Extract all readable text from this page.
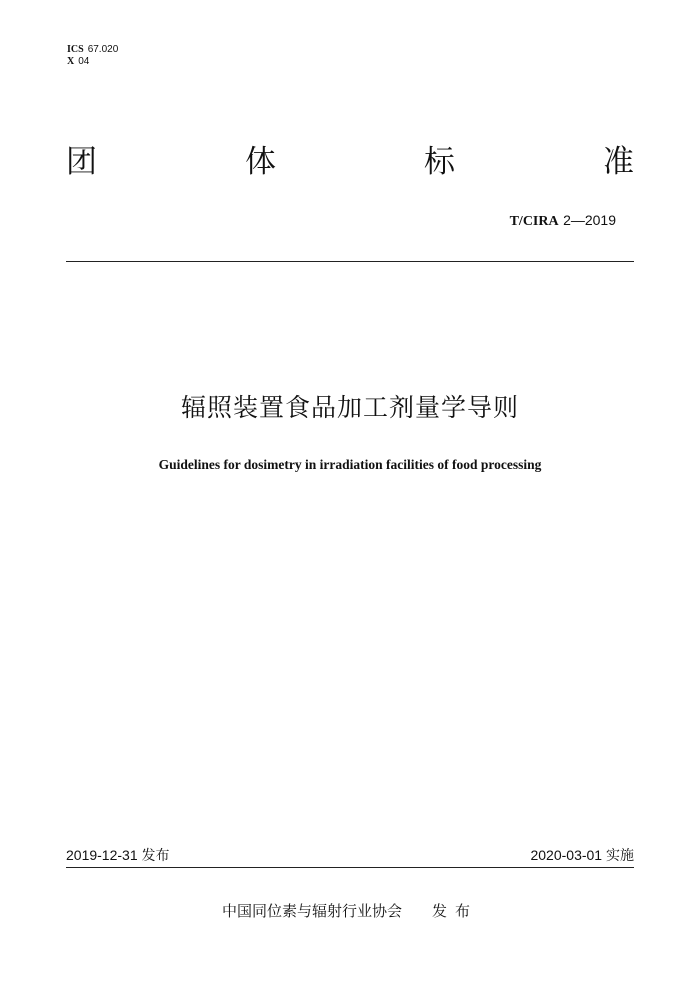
ICS 67.020
X 04
团	体	标	准
T/CIRA 2—2019
辐照装置食品加工剂量学导则
Guidelines for dosimetry in irradiation facilities of food processing
2019-12-31 发布	2020-03-01 实施
中国同位素与辐射行业协会 发布
